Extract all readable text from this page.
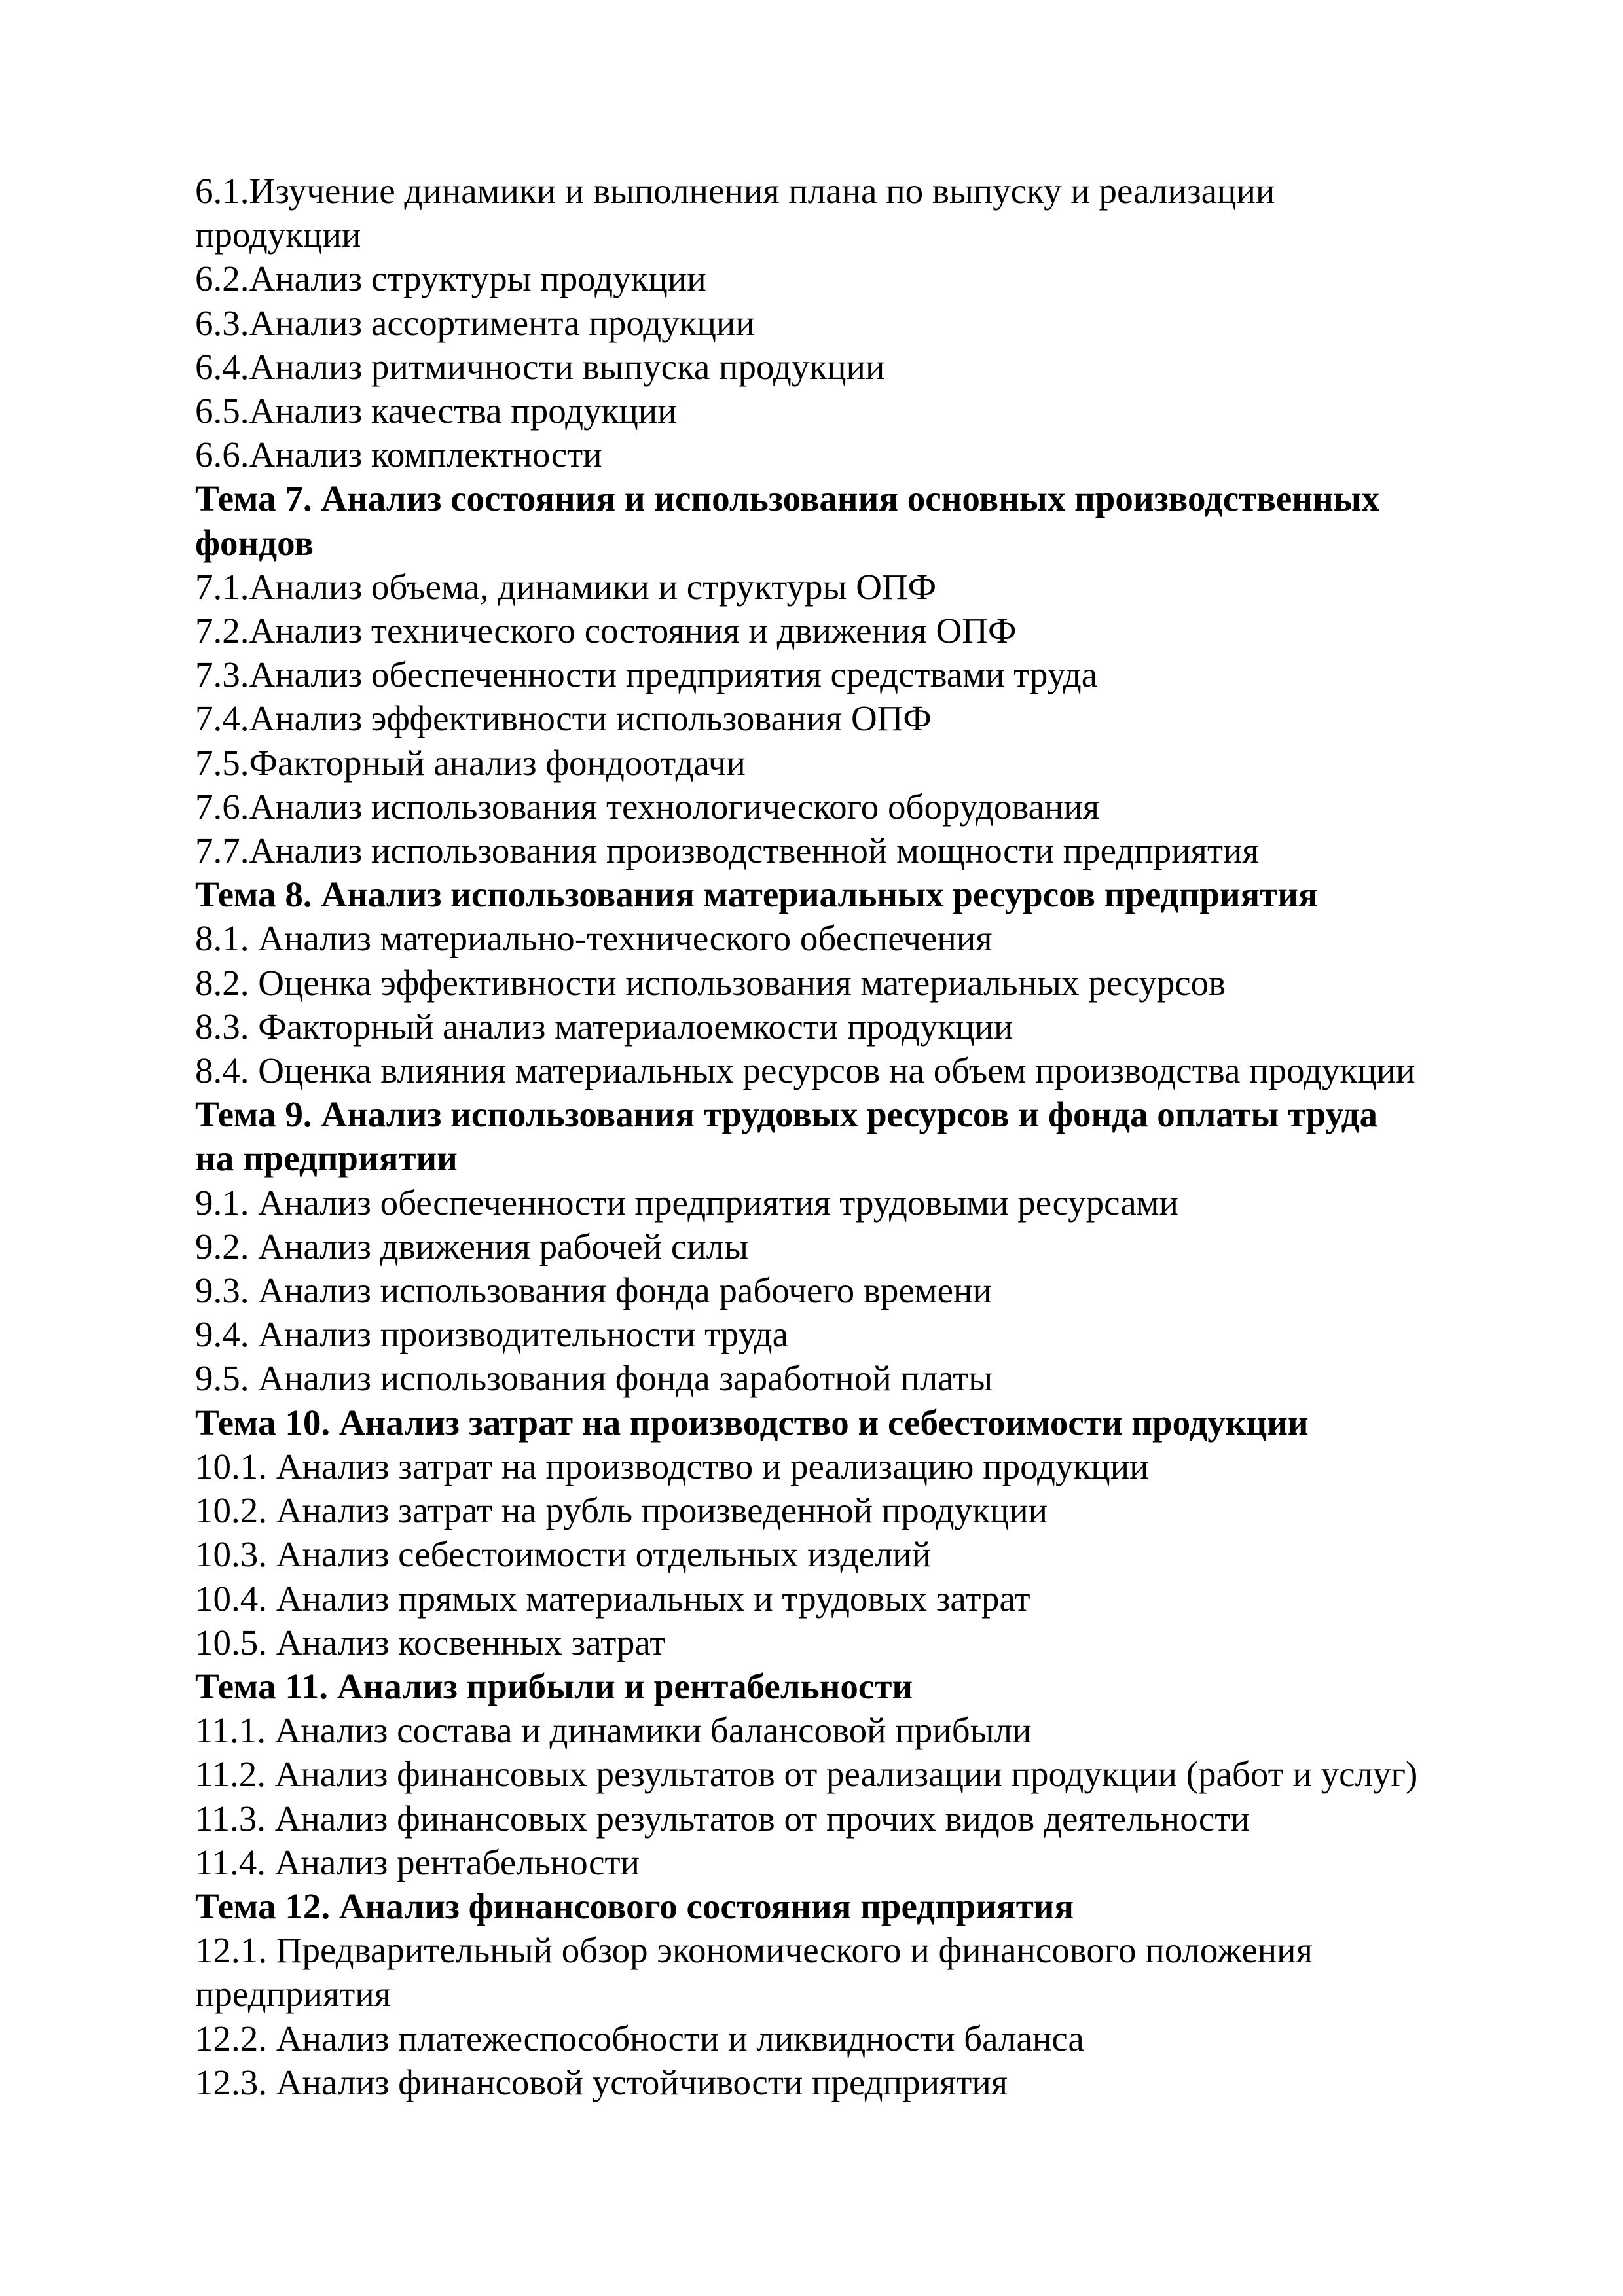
6.1.Изучение динамики и выполнения плана по выпуску и реализации
продукции
6.2.Анализ структуры продукции
6.3.Анализ ассортимента продукции
6.4.Анализ ритмичности выпуска продукции
6.5.Анализ качества продукции
6.6.Анализ комплектности
Тема 7. Анализ состояния и использования основных производственных
фондов
7.1.Анализ объема, динамики и структуры ОПФ
7.2.Анализ технического состояния и движения ОПФ
7.3.Анализ обеспеченности предприятия средствами труда
7.4.Анализ эффективности использования ОПФ
7.5.Факторный анализ фондоотдачи
7.6.Анализ использования технологического оборудования
7.7.Анализ использования производственной мощности предприятия
Тема 8. Анализ использования материальных ресурсов предприятия
8.1. Анализ материально-технического обеспечения
8.2. Оценка эффективности использования материальных ресурсов
8.3. Факторный анализ материалоемкости продукции
8.4. Оценка влияния материальных ресурсов на объем производства продукции
Тема 9. Анализ использования трудовых ресурсов и фонда оплаты труда
на предприятии
9.1. Анализ обеспеченности предприятия трудовыми ресурсами
9.2. Анализ движения рабочей силы
9.3. Анализ использования фонда рабочего времени
9.4. Анализ производительности труда
9.5. Анализ использования фонда заработной платы
Тема 10. Анализ затрат на производство и себестоимости продукции
10.1. Анализ затрат на производство и реализацию продукции
10.2. Анализ затрат на рубль произведенной продукции
10.3. Анализ себестоимости отдельных изделий
10.4. Анализ прямых материальных и трудовых затрат
10.5. Анализ косвенных затрат
Тема 11. Анализ прибыли и рентабельности
11.1. Анализ состава и динамики балансовой прибыли
11.2. Анализ финансовых результатов от реализации продукции (работ и услуг)
11.3. Анализ финансовых результатов от прочих видов деятельности
11.4. Анализ рентабельности
Тема 12. Анализ финансового состояния предприятия
12.1. Предварительный обзор экономического и финансового положения
предприятия
12.2. Анализ платежеспособности и ликвидности баланса
12.3. Анализ финансовой устойчивости предприятия
